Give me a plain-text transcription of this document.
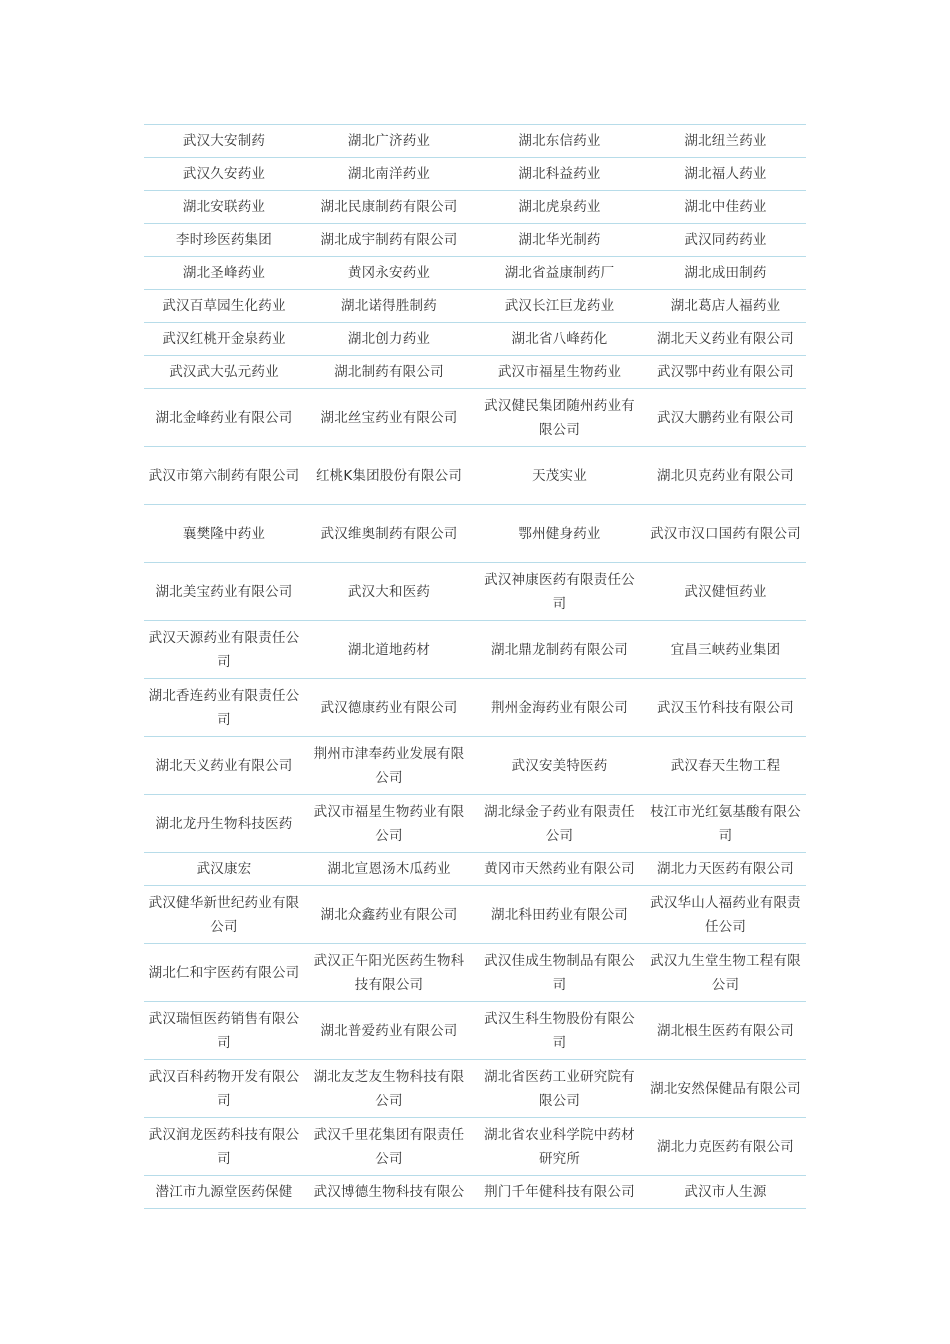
武汉大安制药	湖北广济药业	湖北东信药业	湖北纽兰药业
武汉久安药业	湖北南洋药业	湖北科益药业	湖北福人药业
湖北安联药业	湖北民康制药有限公司	湖北虎泉药业	湖北中佳药业
李时珍医药集团	湖北成宇制药有限公司	湖北华光制药	武汉同药药业
湖北圣峰药业	黄冈永安药业	湖北省益康制药厂	湖北成田制药
武汉百草园生化药业	湖北诺得胜制药	武汉长江巨龙药业	湖北葛店人福药业
武汉红桃开金泉药业	湖北创力药业	湖北省八峰药化	湖北天义药业有限公司
武汉武大弘元药业	湖北制药有限公司	武汉市福星生物药业	武汉鄂中药业有限公司
湖北金峰药业有限公司	湖北丝宝药业有限公司	武汉健民集团随州药业有限公司	武汉大鹏药业有限公司
武汉市第六制药有限公司	红桃K集团股份有限公司	天茂实业	湖北贝克药业有限公司
襄樊隆中药业	武汉维奥制药有限公司	鄂州健身药业	武汉市汉口国药有限公司
湖北美宝药业有限公司	武汉大和医药	武汉神康医药有限责任公司	武汉健恒药业
武汉天源药业有限责任公司	湖北道地药材	湖北鼎龙制药有限公司	宜昌三峡药业集团
湖北香连药业有限责任公司	武汉德康药业有限公司	荆州金海药业有限公司	武汉玉竹科技有限公司
湖北天义药业有限公司	荆州市津奉药业发展有限公司	武汉安美特医药	武汉春天生物工程
湖北龙丹生物科技医药	武汉市福星生物药业有限公司	湖北绿金子药业有限责任公司	枝江市光红氨基酸有限公司
武汉康宏	湖北宣恩汤木瓜药业	黄冈市天然药业有限公司	湖北力天医药有限公司
武汉健华新世纪药业有限公司	湖北众鑫药业有限公司	湖北科田药业有限公司	武汉华山人福药业有限责任公司
湖北仁和宇医药有限公司	武汉正午阳光医药生物科技有限公司	武汉佳成生物制品有限公司	武汉九生堂生物工程有限公司
武汉瑞恒医药销售有限公司	湖北普爱药业有限公司	武汉生科生物股份有限公司	湖北根生医药有限公司
武汉百科药物开发有限公司	湖北友芝友生物科技有限公司	湖北省医药工业研究院有限公司	湖北安然保健品有限公司
武汉润龙医药科技有限公司	武汉千里花集团有限责任公司	湖北省农业科学院中药材研究所	湖北力克医药有限公司
潜江市九源堂医药保健	武汉博德生物科技有限公	荆门千年健科技有限公司	武汉市人生源
